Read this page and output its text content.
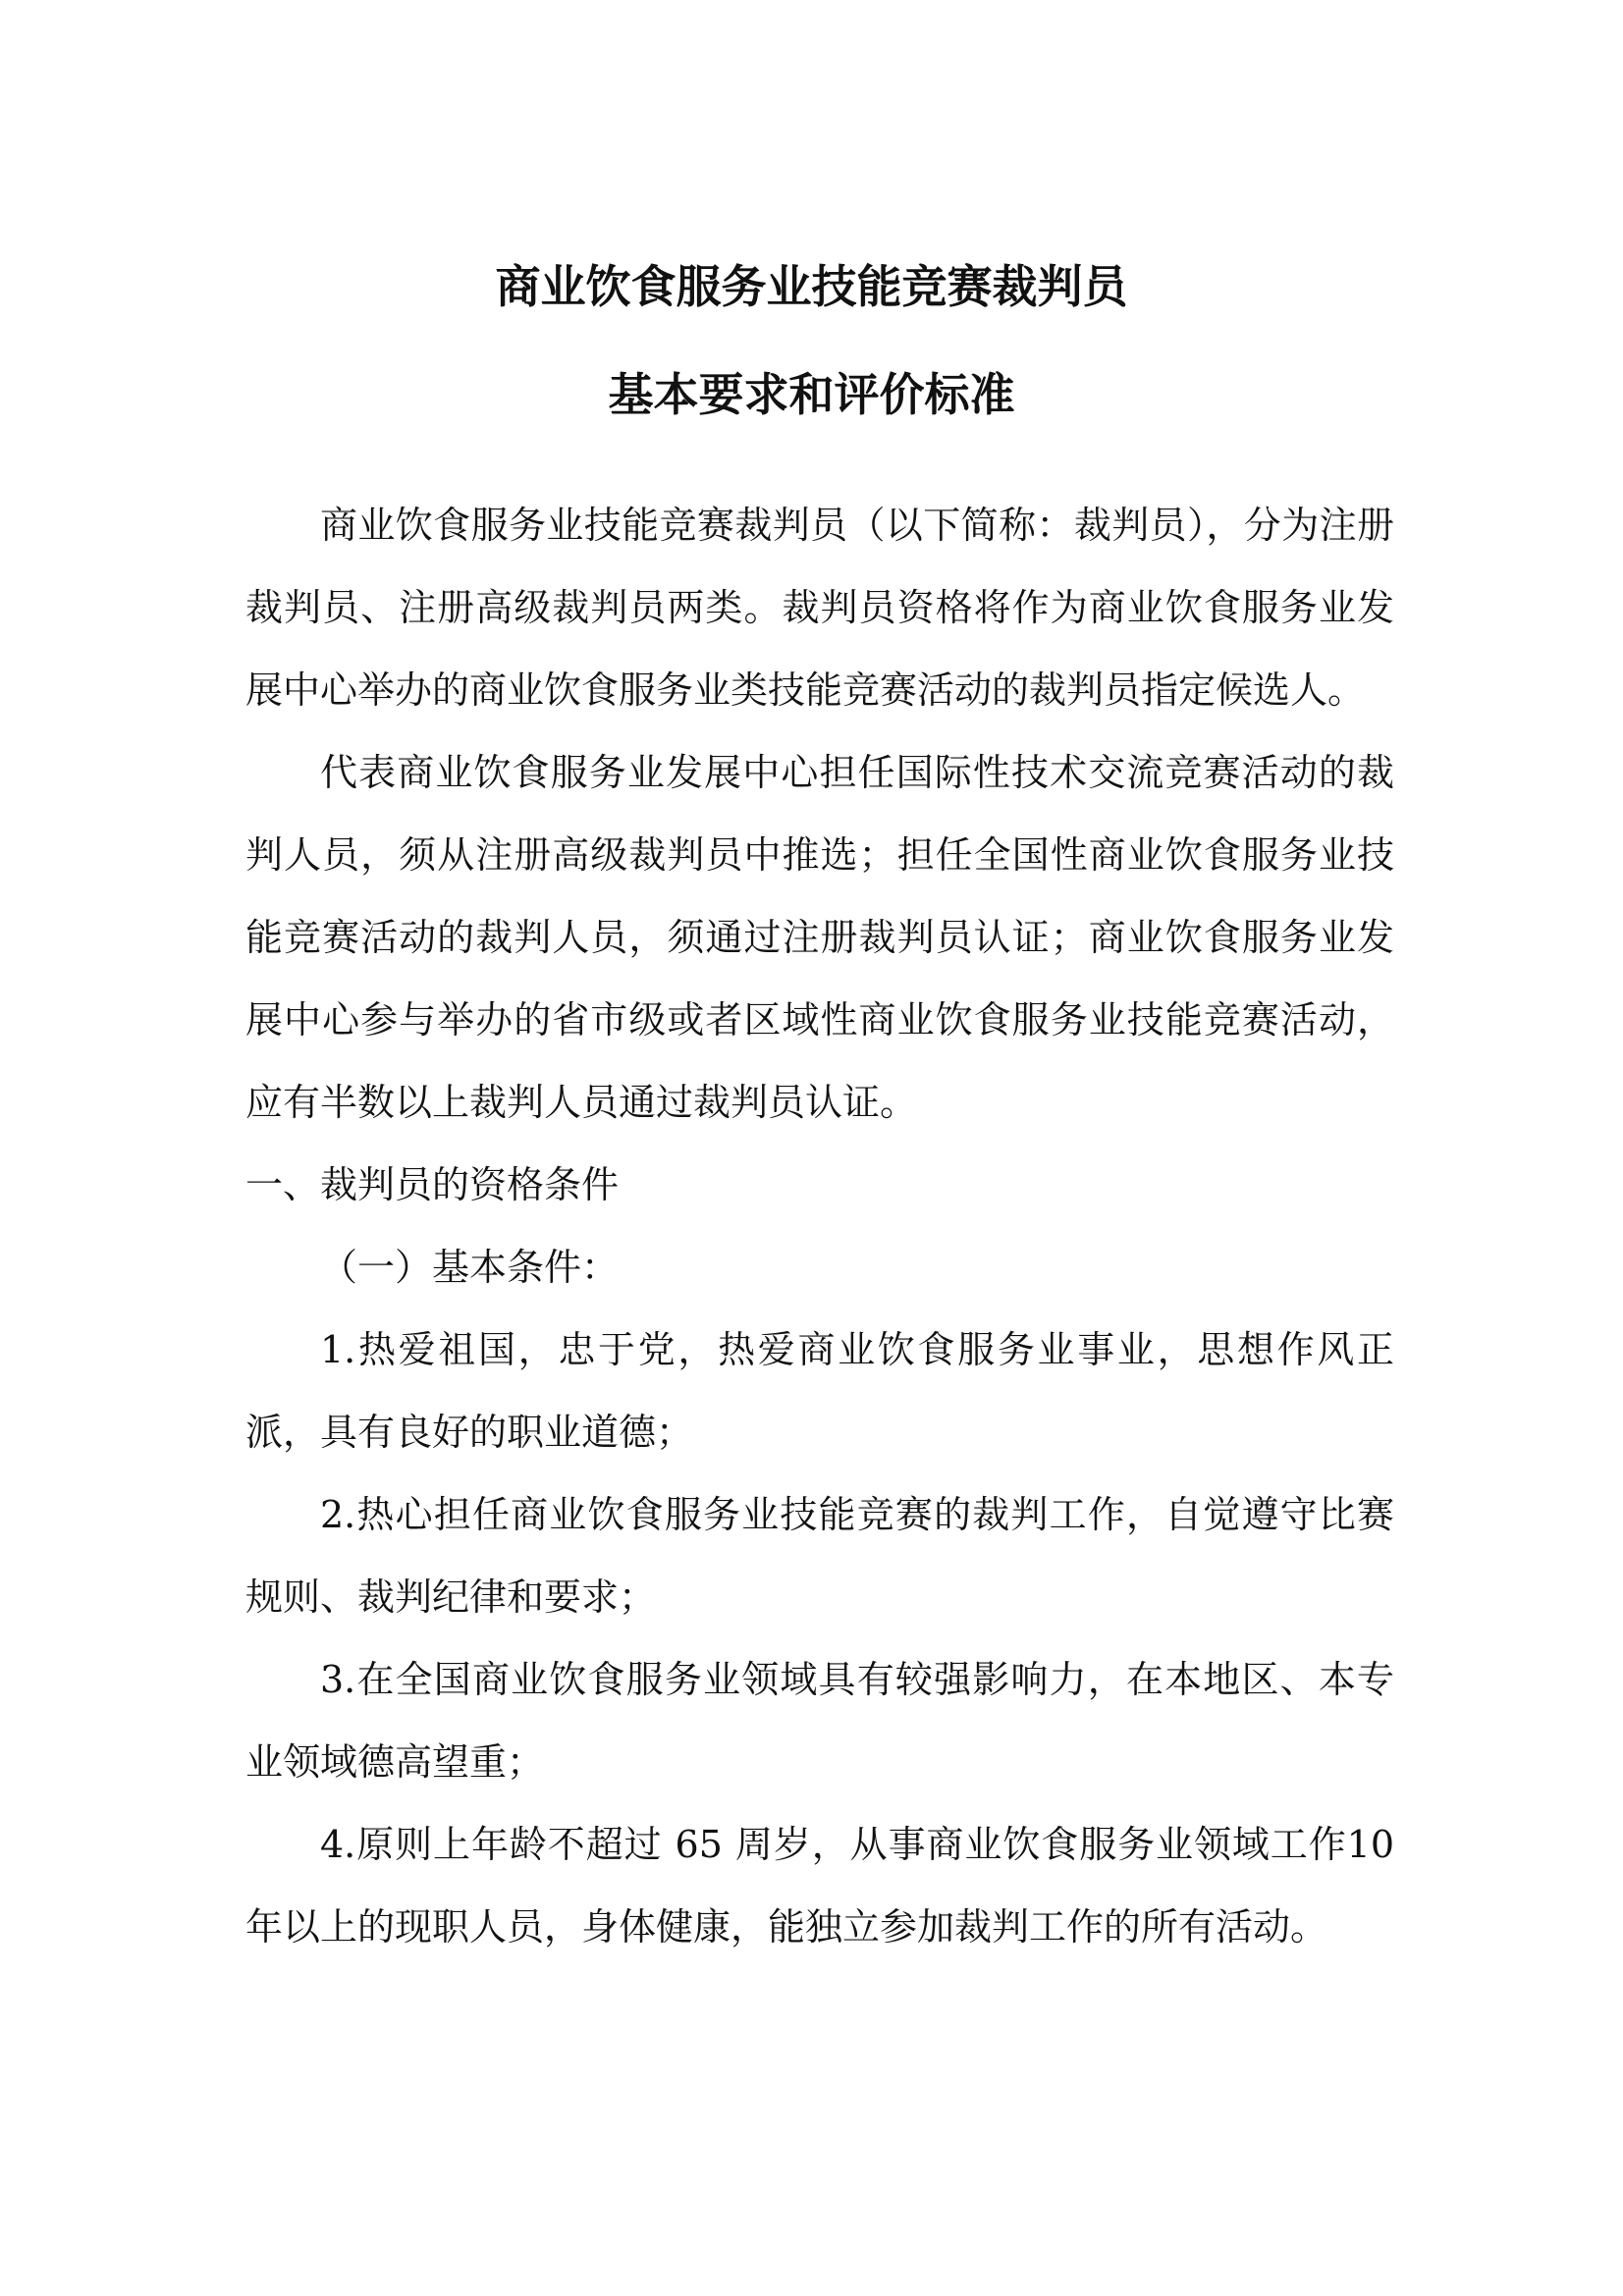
商业饮食服务业技能竞赛裁判员
基本要求和评价标准

商业饮食服务业技能竞赛裁判员（以下简称：裁判员），分为注册裁判员、注册高级裁判员两类。裁判员资格将作为商业饮食服务业发展中心举办的商业饮食服务业类技能竞赛活动的裁判员指定候选人。

代表商业饮食服务业发展中心担任国际性技术交流竞赛活动的裁判人员，须从注册高级裁判员中推选；担任全国性商业饮食服务业技能竞赛活动的裁判人员，须通过注册裁判员认证；商业饮食服务业发展中心参与举办的省市级或者区域性商业饮食服务业技能竞赛活动，应有半数以上裁判人员通过裁判员认证。

一、裁判员的资格条件

（一）基本条件：

1.热爱祖国，忠于党，热爱商业饮食服务业事业，思想作风正派，具有良好的职业道德；

2.热心担任商业饮食服务业技能竞赛的裁判工作，自觉遵守比赛规则、裁判纪律和要求；

3.在全国商业饮食服务业领域具有较强影响力，在本地区、本专业领域德高望重；

4.原则上年龄不超过 65 周岁，从事商业饮食服务业领域工作10年以上的现职人员，身体健康，能独立参加裁判工作的所有活动。
